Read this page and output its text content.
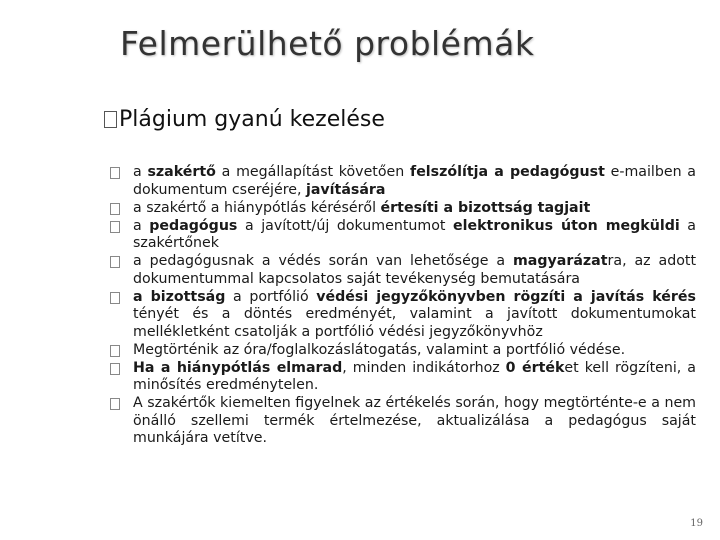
Felmerülhető problémák
Plágium gyanú kezelése
a szakértő a megállapítást követően felszólítja a pedagógust e-mailben a dokumentum cseréjére, javítására
a szakértő a hiánypótlás kéréséről értesíti a bizottság tagjait
a pedagógus a javított/új dokumentumot elektronikus úton megküldi a szakértőnek
a pedagógusnak a védés során van lehetősége a magyarázatra, az adott dokumentummal kapcsolatos saját tevékenység bemutatására
a bizottság a portfólió védési jegyzőkönyvben rögzíti a javítás kérés tényét és a döntés eredményét, valamint a javított dokumentumokat mellékletként csatolják a portfólió védési jegyzőkönyvhöz
Megtörténik az óra/foglalkozáslátogatás, valamint a portfólió védése.
Ha a hiánypótlás elmarad, minden indikátorhoz 0 értéket kell rögzíteni, a minősítés eredménytelen.
A szakértők kiemelten figyelnek az értékelés során, hogy megtörténte-e a nem önálló szellemi termék értelmezése, aktualizálása a pedagógus saját munkájára vetítve.
19
